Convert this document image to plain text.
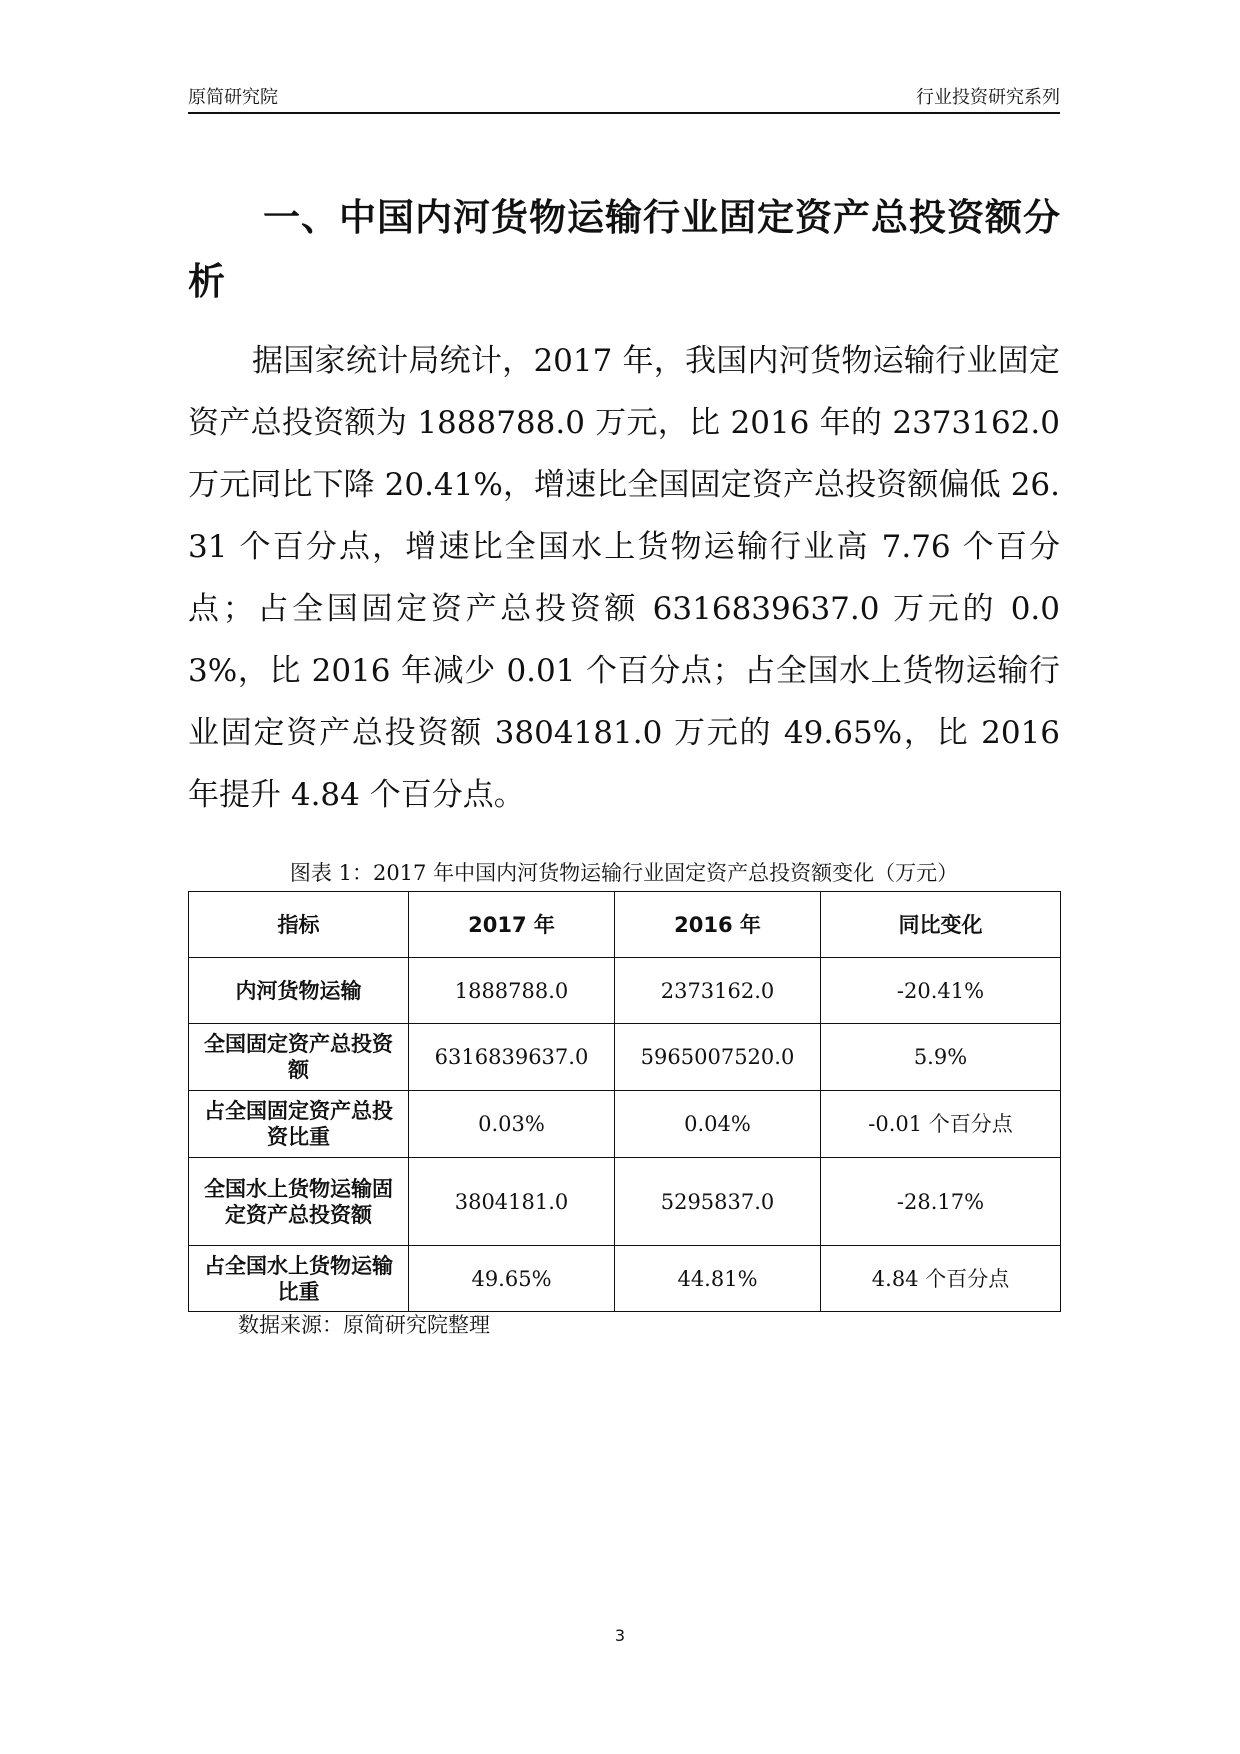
原简研究院	行业投资研究系列
一、中国内河货物运输行业固定资产总投资额分析

据国家统计局统计，2017 年，我国内河货物运输行业固定资产总投资额为 1888788.0 万元，比 2016 年的 2373162.0 万元同比下降 20.41%，增速比全国固定资产总投资额偏低 26.31 个百分点，增速比全国水上货物运输行业高 7.76 个百分点；占全国固定资产总投资额 6316839637.0 万元的 0.03%，比 2016 年减少 0.01 个百分点；占全国水上货物运输行业固定资产总投资额 3804181.0 万元的 49.65%，比 2016 年提升 4.84 个百分点。

图表 1：2017 年中国内河货物运输行业固定资产总投资额变化（万元）
指标	2017 年	2016 年	同比变化
内河货物运输	1888788.0	2373162.0	-20.41%
全国固定资产总投资额	6316839637.0	5965007520.0	5.9%
占全国固定资产总投资比重	0.03%	0.04%	-0.01 个百分点
全国水上货物运输固定资产总投资额	3804181.0	5295837.0	-28.17%
占全国水上货物运输比重	49.65%	44.81%	4.84 个百分点
数据来源：原简研究院整理
3
